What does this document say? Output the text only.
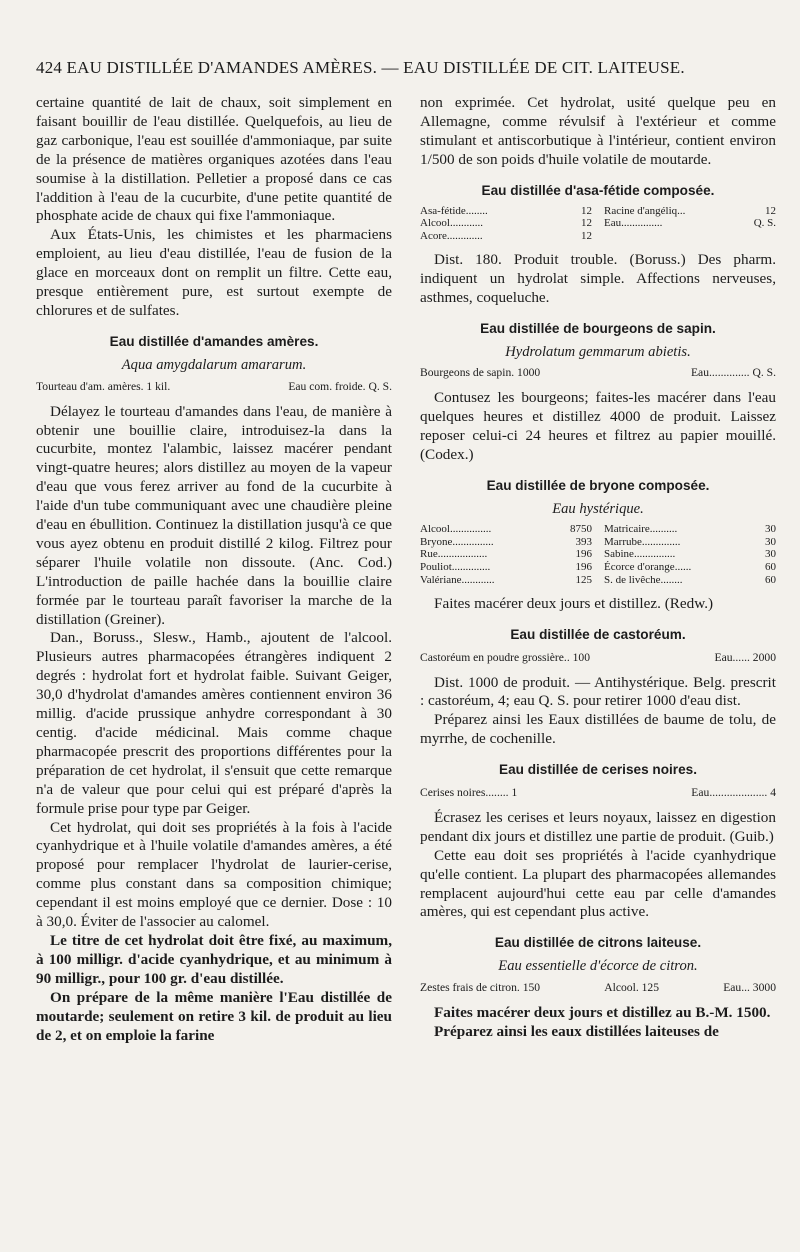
424 EAU DISTILLÉE D'AMANDES AMÈRES. — EAU DISTILLÉE DE CIT. LAITEUSE.

certaine quantité de lait de chaux, soit simplement en faisant bouillir de l'eau distillée. Quelquefois, au lieu de gaz carbonique, l'eau est souillée d'ammoniaque, par suite de la présence de matières organiques azotées dans l'eau soumise à la distillation. Pelletier a proposé dans ce cas l'addition à l'eau de la cucurbite, d'une petite quantité de phosphate acide de chaux qui fixe l'ammoniaque.

Aux États-Unis, les chimistes et les pharmaciens emploient, au lieu d'eau distillée, l'eau de fusion de la glace en morceaux dont on remplit un filtre. Cette eau, presque entièrement pure, est surtout exempte de chlorures et de sulfates.

Eau distillée d'amandes amères.
Aqua amygdalarum amararum.
Tourteau d'am. amères. 1 kil.	Eau com. froide. Q. S.

Délayez le tourteau d'amandes dans l'eau, de manière à obtenir une bouillie claire, introduisez-la dans la cucurbite, montez l'alambic, laissez macérer pendant vingt-quatre heures; alors distillez au moyen de la vapeur d'eau que vous ferez arriver au fond de la cucurbite à l'aide d'un tube communiquant avec une chaudière pleine d'eau en ébullition. Continuez la distillation jusqu'à ce que vous ayez obtenu en produit distillé 2 kilog. Filtrez pour séparer l'huile volatile non dissoute. (Anc. Cod.) L'introduction de paille hachée dans la bouillie claire formée par le tourteau paraît favoriser la marche de la distillation (Greiner).

Dan., Boruss., Slesw., Hamb., ajoutent de l'alcool. Plusieurs autres pharmacopées étrangères indiquent 2 degrés : hydrolat fort et hydrolat faible. Suivant Geiger, 30,0 d'hydrolat d'amandes amères contiennent environ 36 millig. d'acide prussique anhydre correspondant à 30 centig. d'acide médicinal. Mais comme chaque pharmacopée prescrit des proportions différentes pour la préparation de cet hydrolat, il s'ensuit que cette remarque n'a de valeur que pour celui qui est préparé d'après la formule prise pour type par Geiger.

Cet hydrolat, qui doit ses propriétés à la fois à l'acide cyanhydrique et à l'huile volatile d'amandes amères, a été proposé pour remplacer l'hydrolat de laurier-cerise, comme plus constant dans sa composition chimique; cependant il est moins employé que ce dernier. Dose : 10 à 30,0. Éviter de l'associer au calomel.

Le titre de cet hydrolat doit être fixé, au maximum, à 100 milligr. d'acide cyanhydrique, et au minimum à 90 milligr., pour 100 gr. d'eau distillée.

On prépare de la même manière l'Eau distillée de moutarde; seulement on retire 3 kil. de produit au lieu de 2, et on emploie la farine

non exprimée. Cet hydrolat, usité quelque peu en Allemagne, comme révulsif à l'extérieur et comme stimulant et antiscorbutique à l'intérieur, contient environ 1/500 de son poids d'huile volatile de moutarde.

Eau distillée d'asa-fétide composée.
Asa-fétide........	12 Racine d'angéliq...	12
Alcool............	12 Eau...............	Q. S.
Acore.............	12

Dist. 180. Produit trouble. (Boruss.) Des pharm. indiquent un hydrolat simple. Affections nerveuses, asthmes, coqueluche.

Eau distillée de bourgeons de sapin.
Hydrolatum gemmarum abietis.
Bourgeons de sapin. 1000	Eau.............. Q. S.

Contusez les bourgeons; faites-les macérer dans l'eau quelques heures et distillez 4000 de produit. Laissez reposer celui-ci 24 heures et filtrez au papier mouillé. (Codex.)

Eau distillée de bryone composée.
Eau hystérique.
Alcool...............	8750 Matricaire..........	30
Bryone...............	393 Marrube..............	30
Rue..................	196 Sabine...............	30
Pouliot..............	196 Écorce d'orange......	60
Valériane............	125 S. de livêche........	60

Faites macérer deux jours et distillez. (Redw.)

Eau distillée de castoréum.
Castoréum en poudre grossière.. 100	Eau...... 2000

Dist. 1000 de produit. — Antihystérique. Belg. prescrit : castoréum, 4; eau Q. S. pour retirer 1000 d'eau dist.

Préparez ainsi les Eaux distillées de baume de tolu, de myrrhe, de cochenille.

Eau distillée de cerises noires.
Cerises noires........ 1	Eau.................... 4

Écrasez les cerises et leurs noyaux, laissez en digestion pendant dix jours et distillez une partie de produit. (Guib.)

Cette eau doit ses propriétés à l'acide cyanhydrique qu'elle contient. La plupart des pharmacopées allemandes remplacent aujourd'hui cette eau par celle d'amandes amères, qui est cependant plus active.

Eau distillée de citrons laiteuse.
Eau essentielle d'écorce de citron.
Zestes frais de citron. 150	Alcool. 125	Eau... 3000

Faites macérer deux jours et distillez au B.-M. 1500.

Préparez ainsi les eaux distillées laiteuses de
